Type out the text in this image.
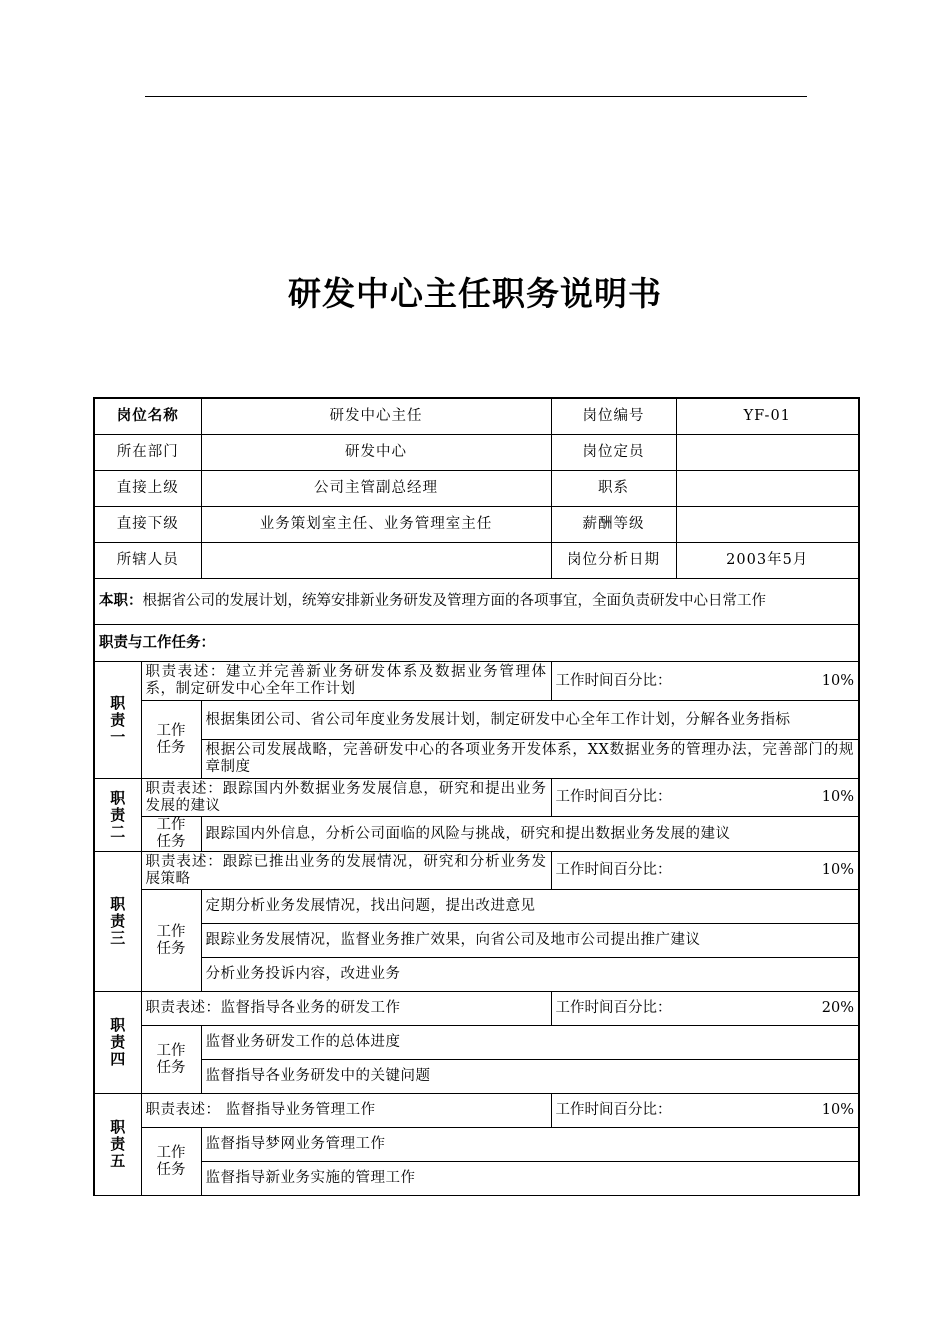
研发中心主任职务说明书
岗位名称		研发中心主任	岗位编号	YF-01
所在部门		研发中心	岗位定员	
直接上级		公司主管副总经理	职系	
直接下级		业务策划室主任、业务管理室主任	薪酬等级	
所辖人员			岗位分析日期	2003年5月
本职：根据省公司的发展计划，统筹安排新业务研发及管理方面的各项事宜，全面负责研发中心日常工作				
职责与工作任务：				
职
责
一	职责表述：建立并完善新业务研发体系及数据业务管理体系，制定研发中心全年工作计划		工作时间百分比： 10%	

	工作
任务	根据集团公司、省公司年度业务发展计划，制定研发中心全年工作计划，分解各业务指标		
		根据公司发展战略，完善研发中心的各项业务开发体系，XX数据业务的管理办法，完善部门的规章制度		
职
责
二	职责表述：跟踪国内外数据业务发展信息，研究和提出业务发展的建议		工作时间百分比： 10%	

	工作
任务	跟踪国内外信息，分析公司面临的风险与挑战，研究和提出数据业务发展的建议		
职
责
三	职责表述：跟踪已推出业务的发展情况，研究和分析业务发展策略		工作时间百分比： 10%	

	工作
任务	定期分析业务发展情况，找出问题，提出改进意见		
		跟踪业务发展情况，监督业务推广效果，向省公司及地市公司提出推广建议		
		分析业务投诉内容，改进业务		
职
责
四	职责表述：监督指导各业务的研发工作		工作时间百分比： 20%	

	工作
任务	监督业务研发工作的总体进度		
		监督指导各业务研发中的关键问题		
职
责
五	职责表述： 监督指导业务管理工作		工作时间百分比： 10%	

	工作
任务	监督指导梦网业务管理工作		
		监督指导新业务实施的管理工作		
